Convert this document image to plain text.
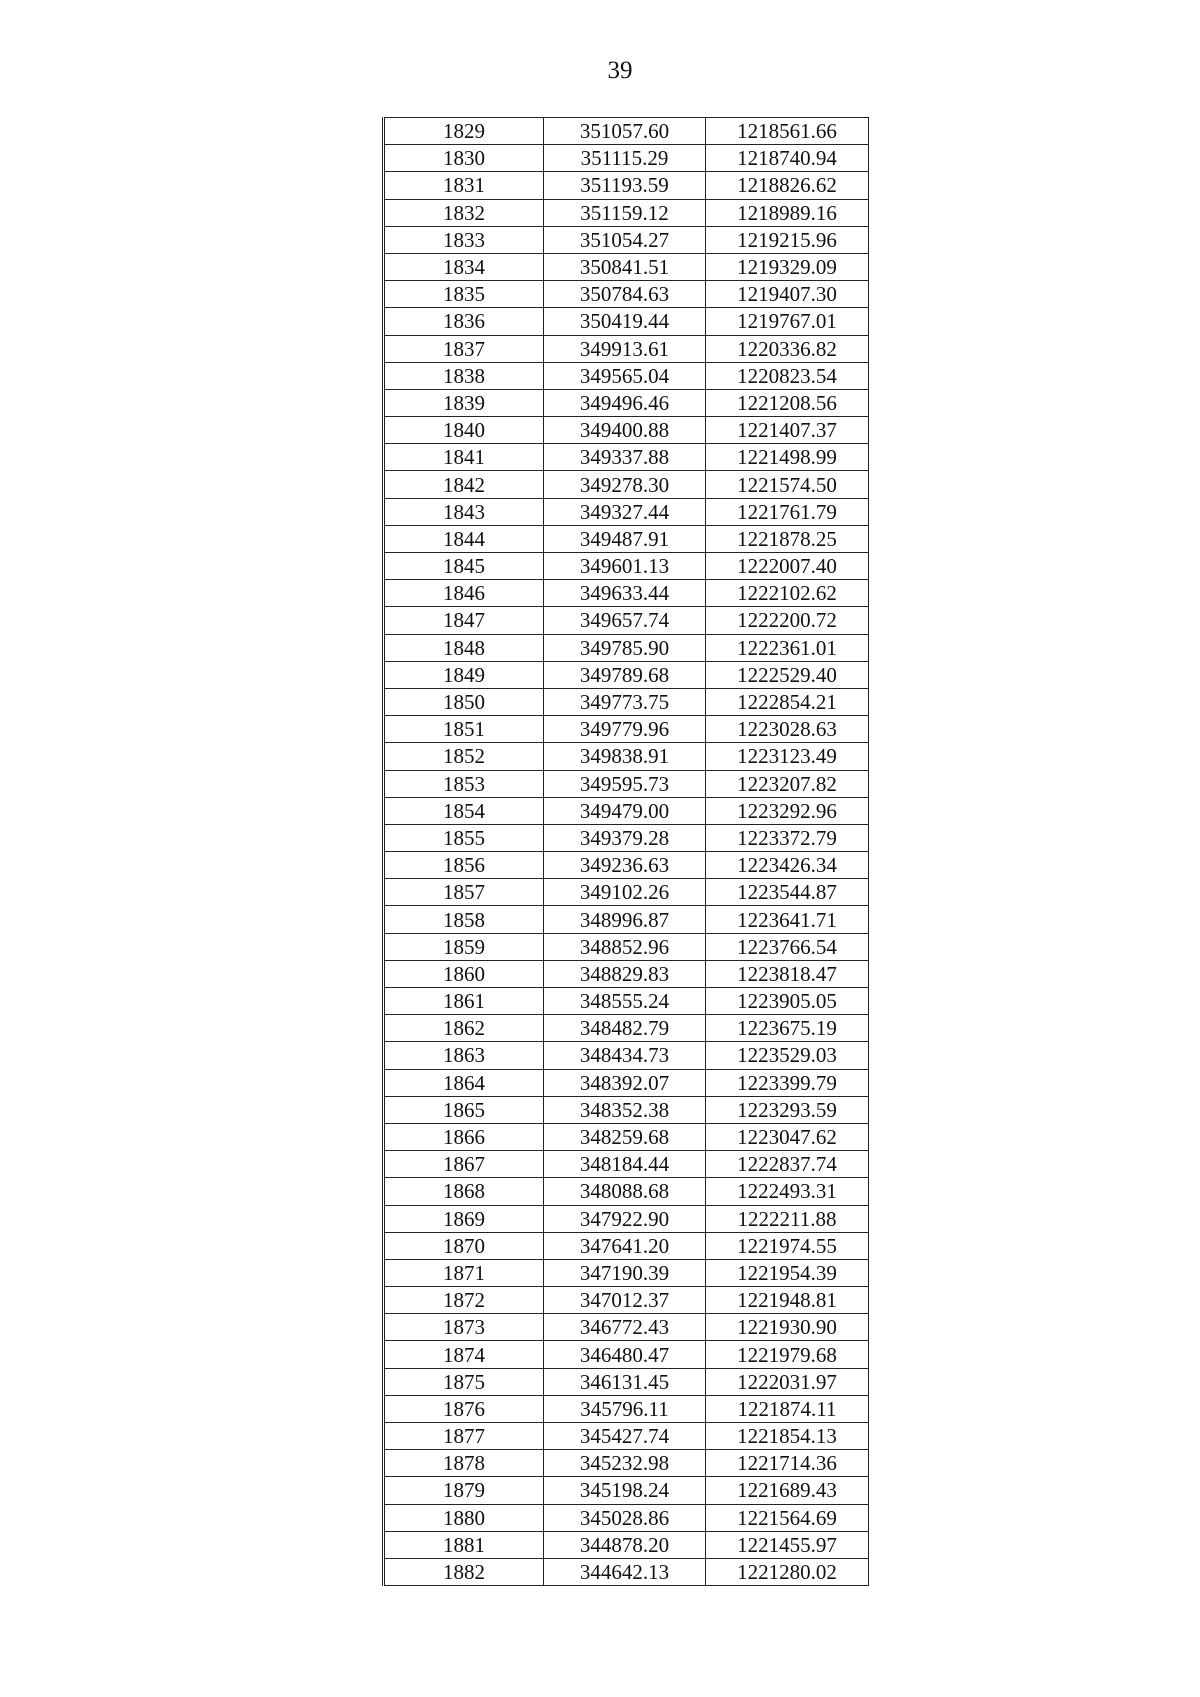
39
1829	351057.60	1218561.66
1830	351115.29	1218740.94
1831	351193.59	1218826.62
1832	351159.12	1218989.16
1833	351054.27	1219215.96
1834	350841.51	1219329.09
1835	350784.63	1219407.30
1836	350419.44	1219767.01
1837	349913.61	1220336.82
1838	349565.04	1220823.54
1839	349496.46	1221208.56
1840	349400.88	1221407.37
1841	349337.88	1221498.99
1842	349278.30	1221574.50
1843	349327.44	1221761.79
1844	349487.91	1221878.25
1845	349601.13	1222007.40
1846	349633.44	1222102.62
1847	349657.74	1222200.72
1848	349785.90	1222361.01
1849	349789.68	1222529.40
1850	349773.75	1222854.21
1851	349779.96	1223028.63
1852	349838.91	1223123.49
1853	349595.73	1223207.82
1854	349479.00	1223292.96
1855	349379.28	1223372.79
1856	349236.63	1223426.34
1857	349102.26	1223544.87
1858	348996.87	1223641.71
1859	348852.96	1223766.54
1860	348829.83	1223818.47
1861	348555.24	1223905.05
1862	348482.79	1223675.19
1863	348434.73	1223529.03
1864	348392.07	1223399.79
1865	348352.38	1223293.59
1866	348259.68	1223047.62
1867	348184.44	1222837.74
1868	348088.68	1222493.31
1869	347922.90	1222211.88
1870	347641.20	1221974.55
1871	347190.39	1221954.39
1872	347012.37	1221948.81
1873	346772.43	1221930.90
1874	346480.47	1221979.68
1875	346131.45	1222031.97
1876	345796.11	1221874.11
1877	345427.74	1221854.13
1878	345232.98	1221714.36
1879	345198.24	1221689.43
1880	345028.86	1221564.69
1881	344878.20	1221455.97
1882	344642.13	1221280.02
